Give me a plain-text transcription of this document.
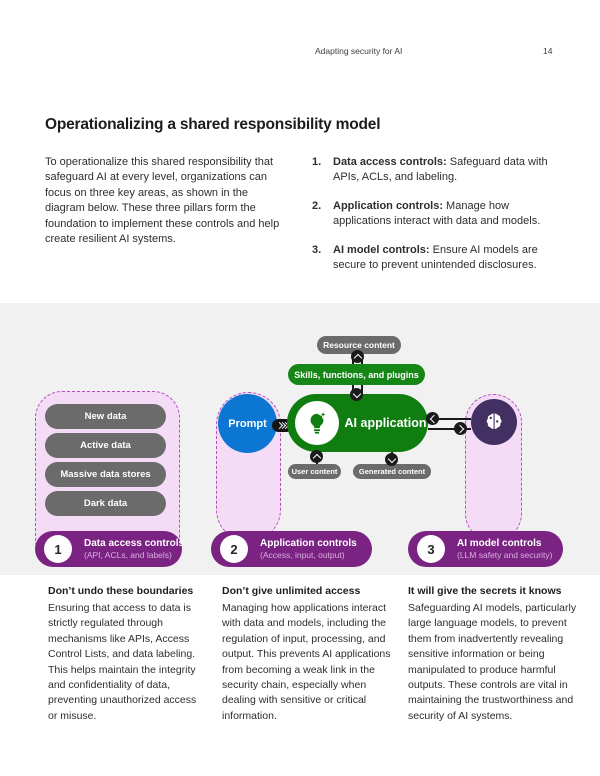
Adapting security for AI	14
Operationalizing a shared responsibility model

To operationalize this shared responsibility that safeguard AI at every level, organizations can focus on three key areas, as shown in the diagram below. These three pillars form the foundation to implement these controls and help create resilient AI systems.

1.	Data access controls: Safeguard data with APIs, ACLs, and labeling.
2.	Application controls: Manage how applications interact with data and models.
3.	AI model controls: Ensure AI models are secure to prevent unintended disclosures.
Resource content
Skills, functions, and plugins
New data
Active data
Massive data stores
Dark data
Prompt	AI application
User content	Generated content
1	Data access controls
(API, ACLs, and labels)	2	Application controls
(Access, input, output)	3	AI model controls
(LLM safety and security)
Don’t undo these boundaries
Ensuring that access to data is strictly regulated through mechanisms like APIs, Access Control Lists, and data labeling. This helps maintain the integrity and confidentiality of data, preventing unauthorized access or misuse.
Don’t give unlimited access
Managing how applications interact with data and models, including the regulation of input, processing, and output. This prevents AI applications from becoming a weak link in the security chain, especially when dealing with sensitive or critical information.
It will give the secrets it knows
Safeguarding AI models, particularly large language models, to prevent them from inadvertently revealing sensitive information or being manipulated to produce harmful outputs. These controls are vital in maintaining the trustworthiness and security of AI systems.
